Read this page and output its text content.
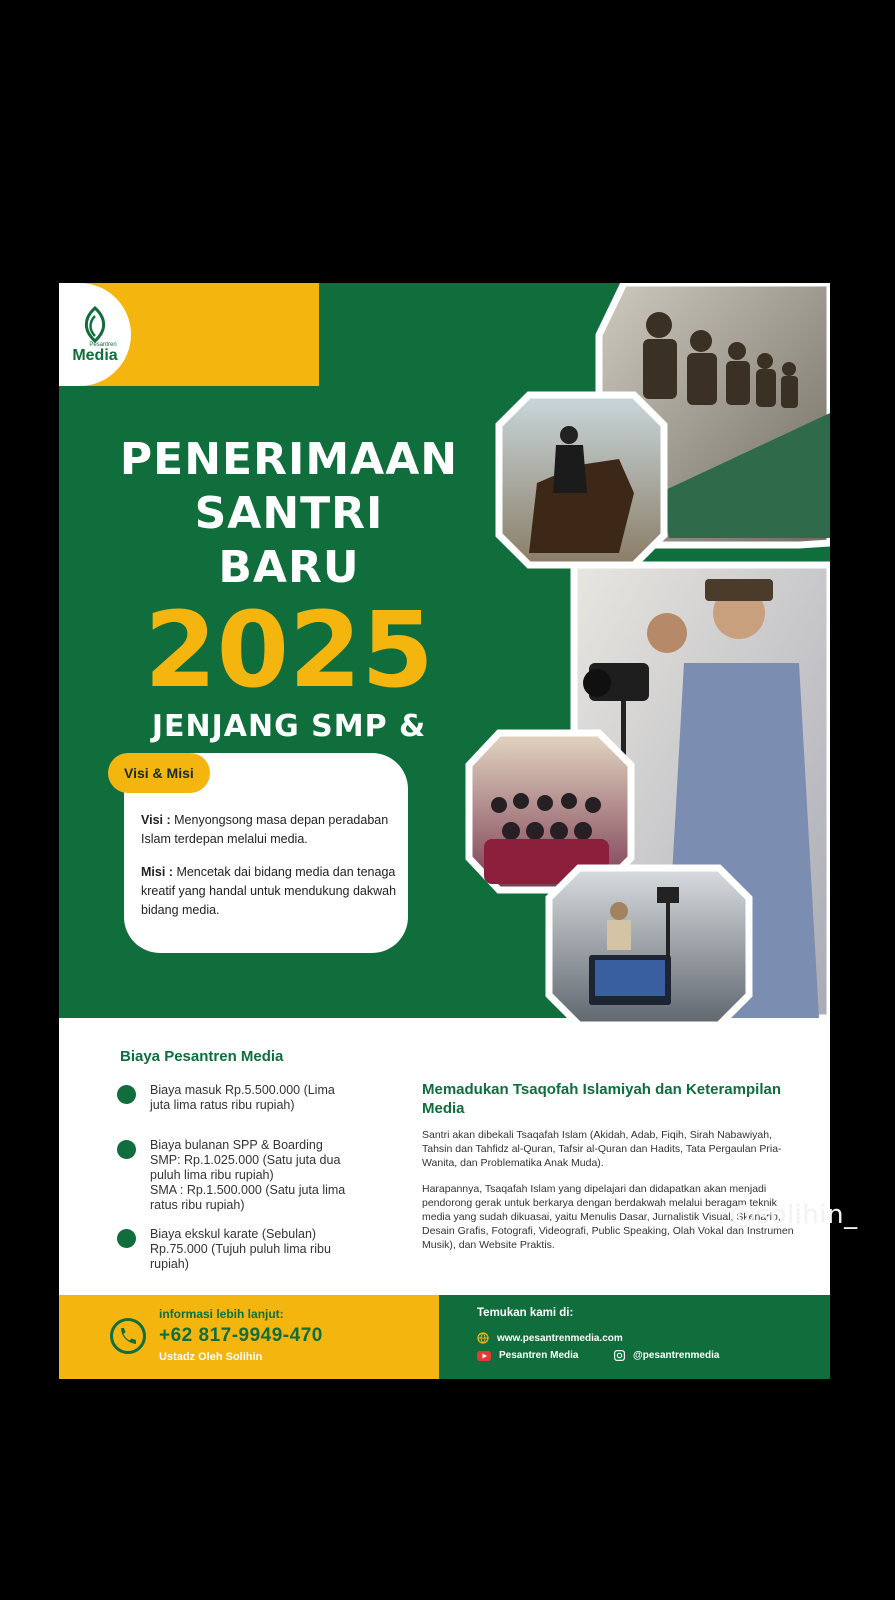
Pesantren
Media
PENERIMAAN
SANTRI BARU
2025
JENJANG SMP &
Visi & Misi

Visi : Menyongsong masa depan peradaban Islam terdepan melalui media.

Misi : Mencetak dai bidang media dan tenaga kreatif yang handal untuk mendukung dakwah bidang media.

Biaya Pesantren Media
Biaya masuk Rp.5.500.000 (Lima
juta lima ratus ribu rupiah)
Biaya bulanan SPP & Boarding
SMP: Rp.1.025.000 (Satu juta dua
puluh lima ribu rupiah)
SMA : Rp.1.500.000 (Satu juta lima
ratus ribu rupiah)
Biaya ekskul karate (Sebulan)
Rp.75.000 (Tujuh puluh lima ribu
rupiah)
Memadukan Tsaqofah Islamiyah dan Keterampilan Media

Santri akan dibekali Tsaqafah Islam (Akidah, Adab, Fiqih, Sirah Nabawiyah, Tahsin dan Tahfidz al-Quran, Tafsir al-Quran dan Hadits, Tata Pergaulan Pria-Wanita, dan Problematika Anak Muda).

Harapannya, Tsaqafah Islam yang dipelajari dan didapatkan akan menjadi pendorong gerak untuk berkarya dengan berdakwah melalui beragam teknik media yang sudah dikuasai, yaitu Menulis Dasar, Jurnalistik Visual, Skenario, Desain Grafis, Fotografi, Videografi, Public Speaking, Olah Vokal dan Instrumen Musik), dan Website Praktis.

informasi lebih lanjut:
+62 817-9949-470
Ustadz Oleh Solihin
Temukan kami di:
www.pesantrenmedia.com
Pesantren Media	@pesantrenmedia
@solihin_
